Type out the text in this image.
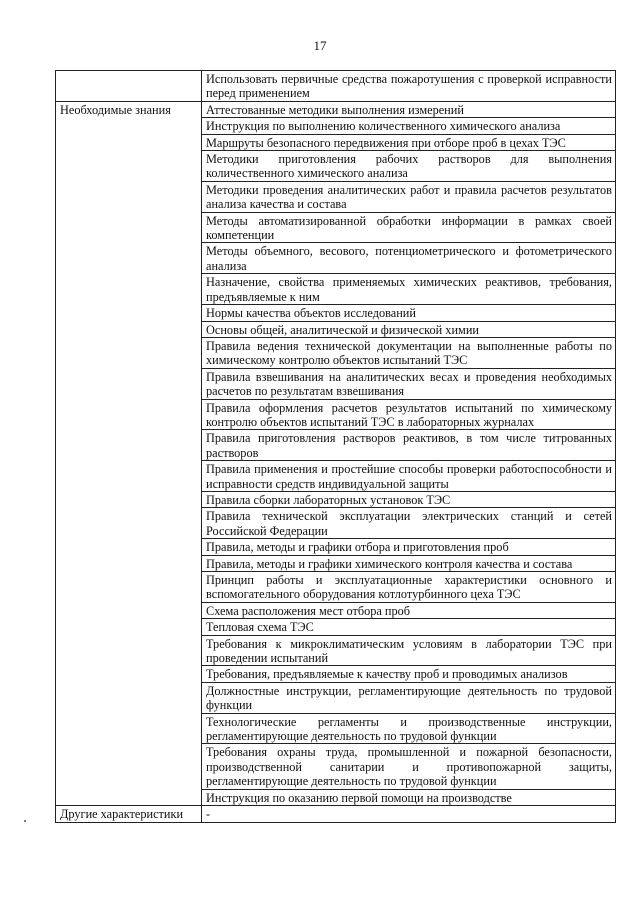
17
	Использовать первичные средства пожаротушения с проверкой исправности перед применением
Необходимые знания	Аттестованные методики выполнения измерений
	Инструкция по выполнению количественного химического анализа
	Маршруты безопасного передвижения при отборе проб в цехах ТЭС
	Методики приготовления рабочих растворов для выполнения количественного химического анализа
	Методики проведения аналитических работ и правила расчетов результатов анализа качества и состава
	Методы автоматизированной обработки информации в рамках своей компетенции
	Методы объемного, весового, потенциометрического и фотометрического анализа
	Назначение, свойства применяемых химических реактивов, требования, предъявляемые к ним
	Нормы качества объектов исследований
	Основы общей, аналитической и физической химии
	Правила ведения технической документации на выполненные работы по химическому контролю объектов испытаний ТЭС
	Правила взвешивания на аналитических весах и проведения необходимых расчетов по результатам взвешивания
	Правила оформления расчетов результатов испытаний по химическому контролю объектов испытаний ТЭС в лабораторных журналах
	Правила приготовления растворов реактивов, в том числе титрованных растворов
	Правила применения и простейшие способы проверки работоспособности и исправности средств индивидуальной защиты
	Правила сборки лабораторных установок ТЭС
	Правила технической эксплуатации электрических станций и сетей Российской Федерации
	Правила, методы и графики отбора и приготовления проб
	Правила, методы и графики химического контроля качества и состава
	Принцип работы и эксплуатационные характеристики основного и вспомогательного оборудования котлотурбинного цеха ТЭС
	Схема расположения мест отбора проб
	Тепловая схема ТЭС
	Требования к микроклиматическим условиям в лаборатории ТЭС при проведении испытаний
	Требования, предъявляемые к качеству проб и проводимых анализов
	Должностные инструкции, регламентирующие деятельность по трудовой функции
	Технологические регламенты и производственные инструкции, регламентирующие деятельность по трудовой функции
	Требования охраны труда, промышленной и пожарной безопасности, производственной санитарии и противопожарной защиты, регламентирующие деятельность по трудовой функции
	Инструкция по оказанию первой помощи на производстве
Другие характеристики	-
